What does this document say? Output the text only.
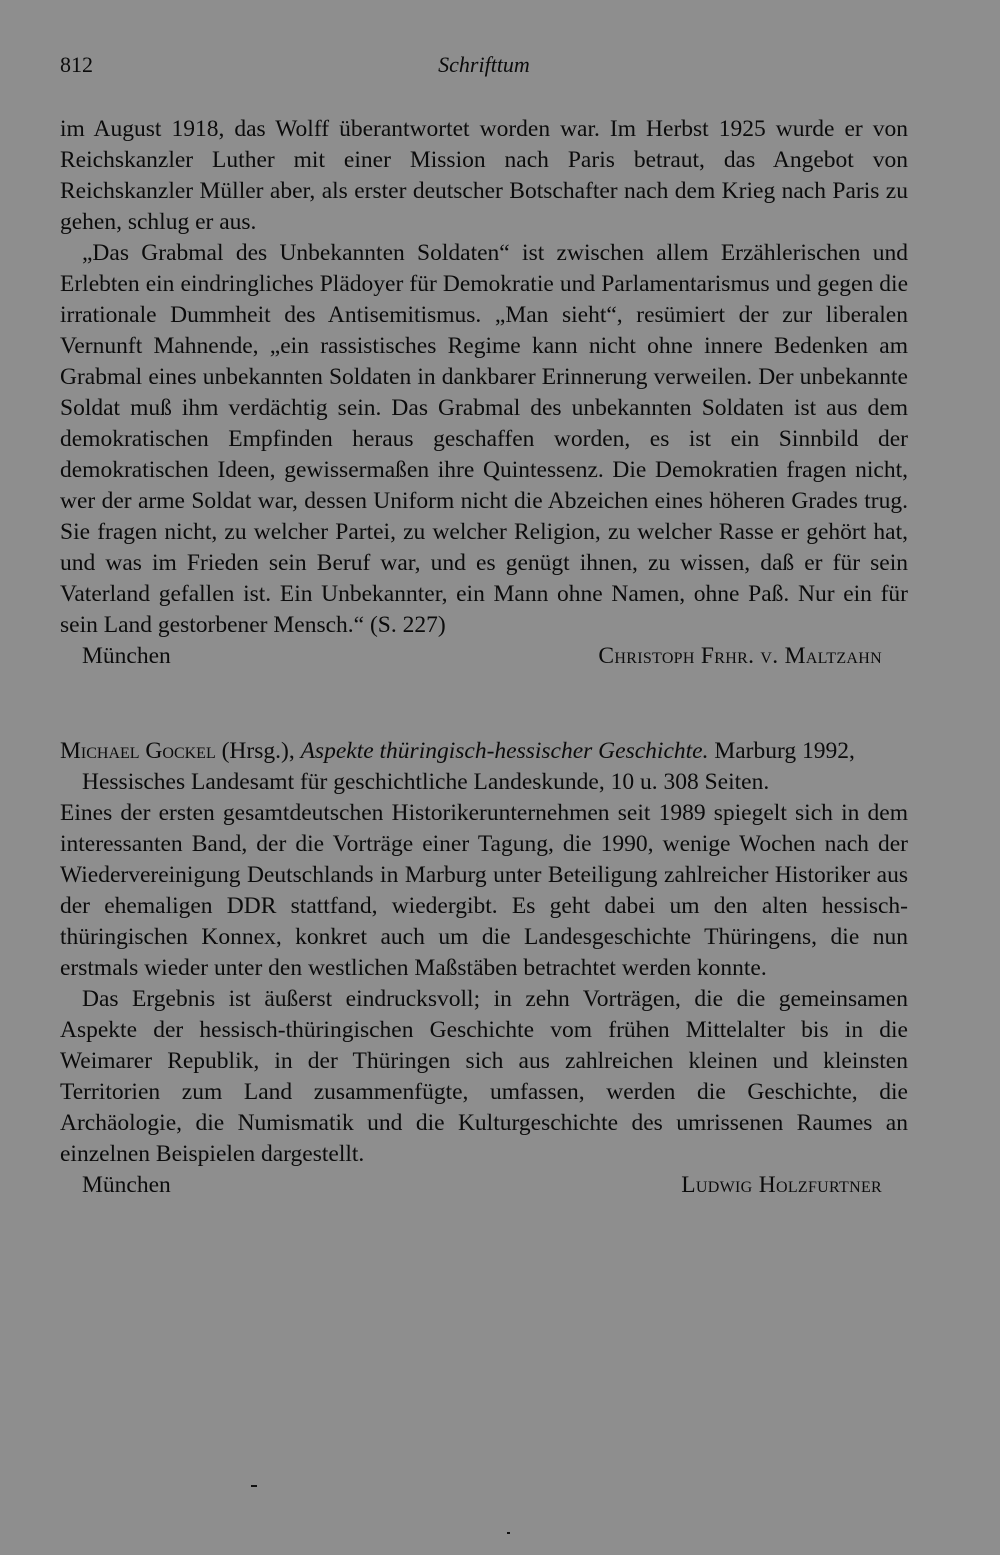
812	Schrifttum

im August 1918, das Wolff überantwortet worden war. Im Herbst 1925 wurde er von Reichskanzler Luther mit einer Mission nach Paris betraut, das Angebot von Reichskanzler Müller aber, als erster deutscher Botschafter nach dem Krieg nach Paris zu gehen, schlug er aus.

„Das Grabmal des Unbekannten Soldaten“ ist zwischen allem Erzählerischen und Erlebten ein eindringliches Plädoyer für Demokratie und Parlamentarismus und gegen die irrationale Dummheit des Antisemitismus. „Man sieht“, resümiert der zur liberalen Vernunft Mahnende, „ein rassistisches Regime kann nicht ohne innere Bedenken am Grabmal eines unbekannten Soldaten in dankbarer Erinnerung verweilen. Der unbekannte Soldat muß ihm verdächtig sein. Das Grabmal des unbekannten Soldaten ist aus dem demokratischen Empfinden heraus geschaffen worden, es ist ein Sinnbild der demokratischen Ideen, gewissermaßen ihre Quintessenz. Die Demokratien fragen nicht, wer der arme Soldat war, dessen Uniform nicht die Abzeichen eines höheren Grades trug. Sie fragen nicht, zu welcher Partei, zu welcher Religion, zu welcher Rasse er gehört hat, und was im Frieden sein Beruf war, und es genügt ihnen, zu wissen, daß er für sein Vaterland gefallen ist. Ein Unbekannter, ein Mann ohne Namen, ohne Paß. Nur ein für sein Land gestorbener Mensch.“ (S. 227)

München	Christoph Frhr. v. Maltzahn

Michael Gockel (Hrsg.), Aspekte thüringisch-hessischer Geschichte. Marburg 1992, Hessisches Landesamt für geschichtliche Landeskunde, 10 u. 308 Seiten.

Eines der ersten gesamtdeutschen Historikerunternehmen seit 1989 spiegelt sich in dem interessanten Band, der die Vorträge einer Tagung, die 1990, wenige Wochen nach der Wiedervereinigung Deutschlands in Marburg unter Beteiligung zahlreicher Historiker aus der ehemaligen DDR stattfand, wiedergibt. Es geht dabei um den alten hessisch-thüringischen Konnex, konkret auch um die Landesgeschichte Thüringens, die nun erstmals wieder unter den westlichen Maßstäben betrachtet werden konnte.

Das Ergebnis ist äußerst eindrucksvoll; in zehn Vorträgen, die die gemeinsamen Aspekte der hessisch-thüringischen Geschichte vom frühen Mittelalter bis in die Weimarer Republik, in der Thüringen sich aus zahlreichen kleinen und kleinsten Territorien zum Land zusammenfügte, umfassen, werden die Geschichte, die Archäologie, die Numismatik und die Kulturgeschichte des umrissenen Raumes an einzelnen Beispielen dargestellt.

München	Ludwig Holzfurtner
